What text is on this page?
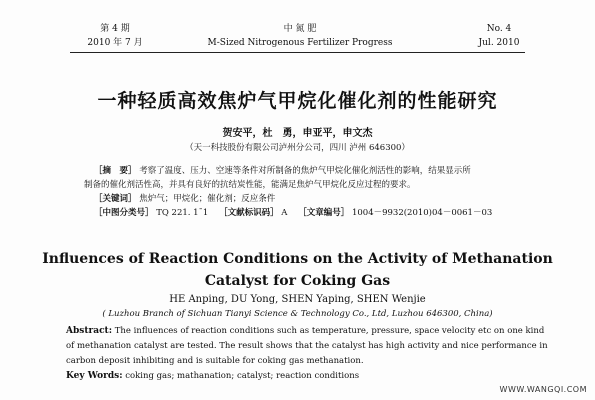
第 4 期
2010 年 7 月
中 氮 肥
M-Sized Nitrogenous Fertilizer Progress
No. 4
Jul. 2010
一种轻质高效焦炉气甲烷化催化剂的性能研究
贺安平，杜　勇，申亚平，申文杰
（天一科技股份有限公司泸州分公司，四川 泸州 646300）
［摘　要］ 考察了温度、压力、空速等条件对所制备的焦炉气甲烷化催化剂活性的影响，结果显示所
制备的催化剂活性高，并具有良好的抗结炭性能，能满足焦炉气甲烷化反应过程的要求。
［关键词］ 焦炉气；甲烷化；催化剂；反应条件
［中图分类号］ TQ 221. 1ˉ1 ［文献标识码］ A ［文章编号］ 1004－9932(2010)04－0061－03
Influences of Reaction Conditions on the Activity of Methanation
Catalyst for Coking Gas
HE Anping, DU Yong, SHEN Yaping, SHEN Wenjie
( Luzhou Branch of Sichuan Tianyi Science & Technology Co., Ltd, Luzhou 646300, China)
Abstract: The influences of reaction conditions such as temperature, pressure, space velocity etc on one kind
of methanation catalyst are tested. The result shows that the catalyst has high activity and nice performance in
carbon deposit inhibiting and is suitable for coking gas methanation.
Key Words: coking gas; mathanation; catalyst; reaction conditions
WWW.WANGQI.COM
